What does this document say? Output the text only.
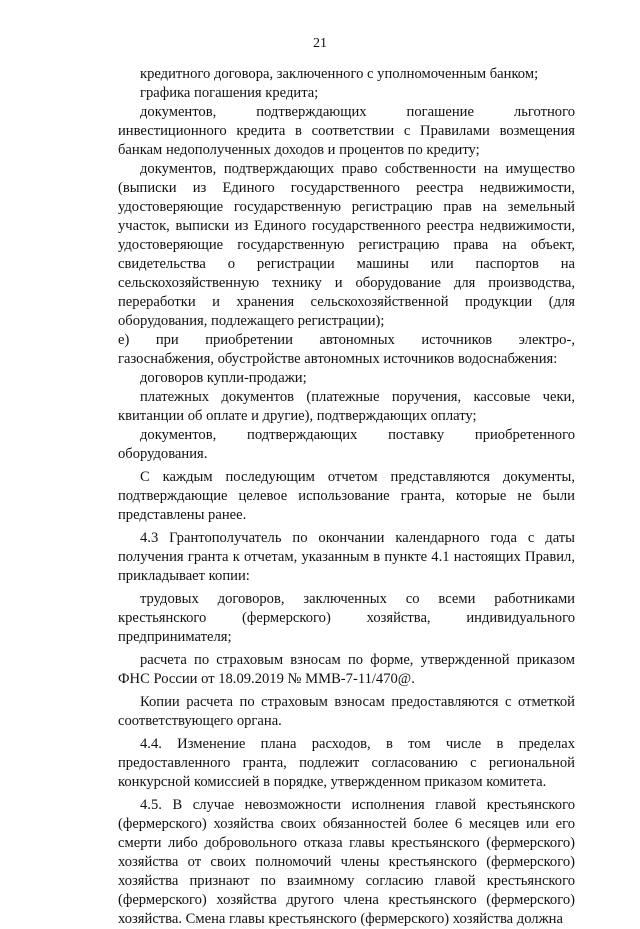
21

кредитного договора, заключенного с уполномоченным банком;

графика погашения кредита;

документов, подтверждающих погашение льготного инвестиционного кредита в соответствии с Правилами возмещения банкам недополученных доходов и процентов по кредиту;

документов, подтверждающих право собственности на имущество (выписки из Единого государственного реестра недвижимости, удостоверяющие государственную регистрацию прав на земельный участок, выписки из Единого государственного реестра недвижимости, удостоверяющие государственную регистрацию права на объект, свидетельства о регистрации машины или паспортов на сельскохозяйственную технику и оборудование для производства, переработки и хранения сельскохозяйственной продукции (для оборудования, подлежащего регистрации);

е) при приобретении автономных источников электро-,

газоснабжения, обустройстве автономных источников водоснабжения:

договоров купли-продажи;

платежных документов (платежные поручения, кассовые чеки, квитанции об оплате и другие), подтверждающих оплату;

документов, подтверждающих поставку приобретенного

оборудования.

С каждым последующим отчетом представляются документы, подтверждающие целевое использование гранта, которые не были представлены ранее.

4.3 Грантополучатель по окончании календарного года с даты получения гранта к отчетам, указанным в пункте 4.1 настоящих Правил, прикладывает копии:

трудовых договоров, заключенных со всеми работниками крестьянского (фермерского) хозяйства, индивидуального предпринимателя;

расчета по страховым взносам по форме, утвержденной приказом ФНС России от 18.09.2019 № ММВ-7-11/470@.

Копии расчета по страховым взносам предоставляются с отметкой соответствующего органа.

4.4. Изменение плана расходов, в том числе в пределах предоставленного гранта, подлежит согласованию с региональной конкурсной комиссией в порядке, утвержденном приказом комитета.

4.5. В случае невозможности исполнения главой крестьянского (фермерского) хозяйства своих обязанностей более 6 месяцев или его смерти либо добровольного отказа главы крестьянского (фермерского) хозяйства от своих полномочий члены крестьянского (фермерского) хозяйства признают по взаимному согласию главой крестьянского (фермерского) хозяйства другого члена крестьянского (фермерского) хозяйства. Смена главы крестьянского (фермерского) хозяйства должна
